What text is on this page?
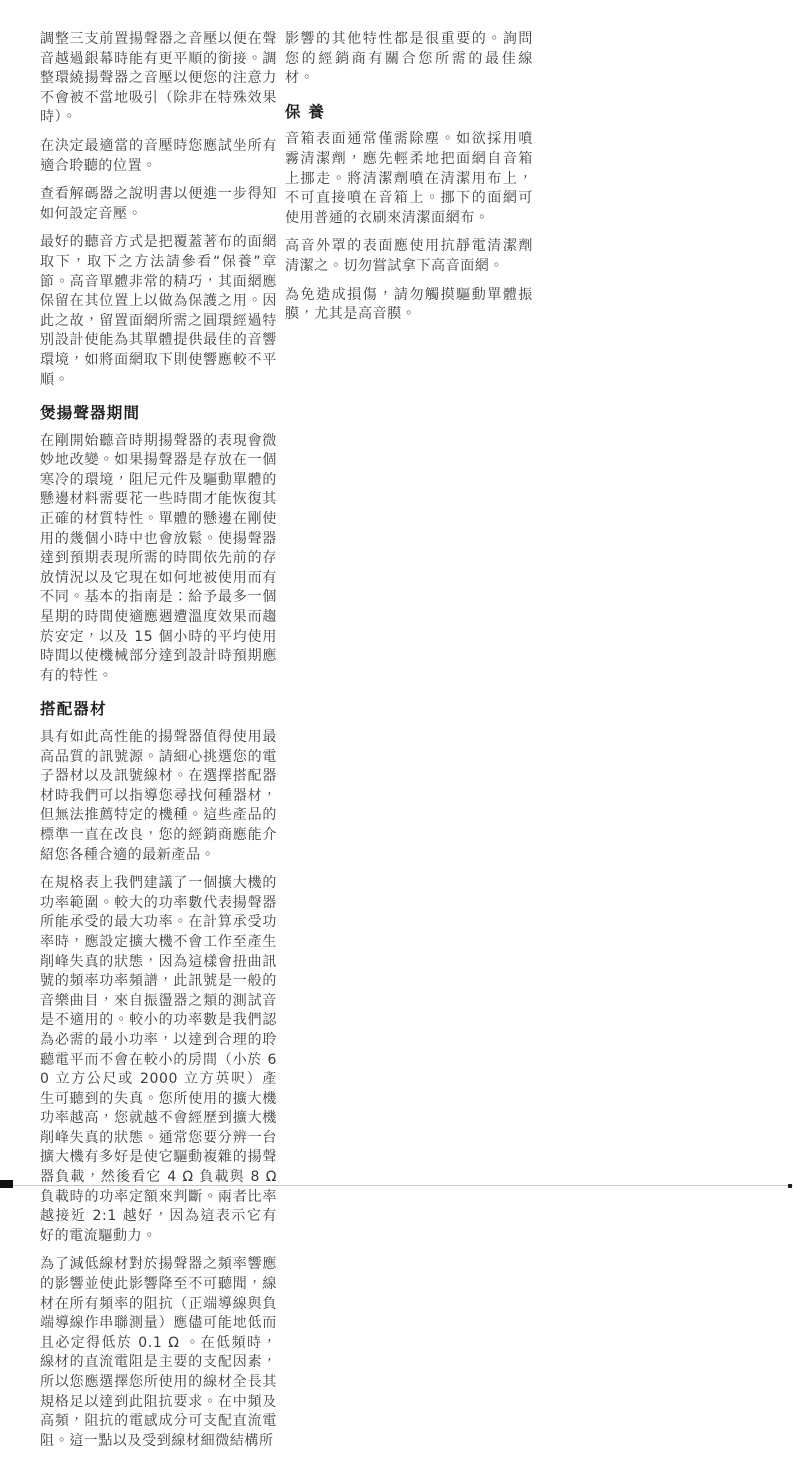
調整三支前置揚聲器之音壓以便在聲音越過銀幕時能有更平順的銜接。調整環繞揚聲器之音壓以便您的注意力不會被不當地吸引（除非在特殊效果時）。

在決定最適當的音壓時您應試坐所有適合聆聽的位置。

查看解碼器之說明書以便進一步得知如何設定音壓。

最好的聽音方式是把覆蓋著布的面網取下，取下之方法請參看“保養”章節。高音單體非常的精巧，其面網應保留在其位置上以做為保護之用。因此之故，留置面網所需之圓環經過特別設計使能為其單體提供最佳的音響環境，如將面網取下則使響應較不平順。

煲揚聲器期間

在剛開始聽音時期揚聲器的表現會微妙地改變。如果揚聲器是存放在一個寒冷的環境，阻尼元件及驅動單體的懸邊材料需要花一些時間才能恢復其正確的材質特性。單體的懸邊在剛使用的幾個小時中也會放鬆。使揚聲器達到預期表現所需的時間依先前的存放情況以及它現在如何地被使用而有不同。基本的指南是：給予最多一個星期的時間使適應週遭溫度效果而趨於安定，以及 15 個小時的平均使用時間以使機械部分達到設計時預期應有的特性。

搭配器材

具有如此高性能的揚聲器值得使用最高品質的訊號源。請細心挑選您的電子器材以及訊號線材。在選擇搭配器材時我們可以指導您尋找何種器材，但無法推薦特定的機種。這些產品的標準一直在改良，您的經銷商應能介紹您各種合適的最新產品。

在規格表上我們建議了一個擴大機的功率範圍。較大的功率數代表揚聲器所能承受的最大功率。在計算承受功率時，應設定擴大機不會工作至產生削峰失真的狀態，因為這樣會扭曲訊號的頻率功率頻譜，此訊號是一般的音樂曲目，來自振盪器之類的測試音是不適用的。較小的功率數是我們認為必需的最小功率，以達到合理的聆聽電平而不會在較小的房間（小於 60 立方公尺或 2000 立方英呎）產生可聽到的失真。您所使用的擴大機功率越高，您就越不會經歷到擴大機削峰失真的狀態。通常您要分辨一台擴大機有多好是使它驅動複雜的揚聲器負載，然後看它 4 Ω 負載與 8 Ω 負載時的功率定額來判斷。兩者比率越接近 2:1 越好，因為這表示它有好的電流驅動力。

為了減低線材對於揚聲器之頻率響應的影響並使此影響降至不可聽聞，線材在所有頻率的阻抗（正端導線與負端導線作串聯測量）應儘可能地低而且必定得低於 0.1 Ω 。在低頻時，線材的直流電阻是主要的支配因素，所以您應選擇您所使用的線材全長其規格足以達到此阻抗要求。在中頻及高頻，阻抗的電感成分可支配直流電阻。這一點以及受到線材細微結構所

影響的其他特性都是很重要的。詢問您的經銷商有關合您所需的最佳線材。

保 養

音箱表面通常僅需除塵。如欲採用噴霧清潔劑，應先輕柔地把面網自音箱上挪走。將清潔劑噴在清潔用布上，不可直接噴在音箱上。挪下的面網可使用普通的衣刷來清潔面網布。

高音外罩的表面應使用抗靜電清潔劑清潔之。切勿嘗試拿下高音面網。

為免造成損傷，請勿觸摸驅動單體振膜，尤其是高音膜。
